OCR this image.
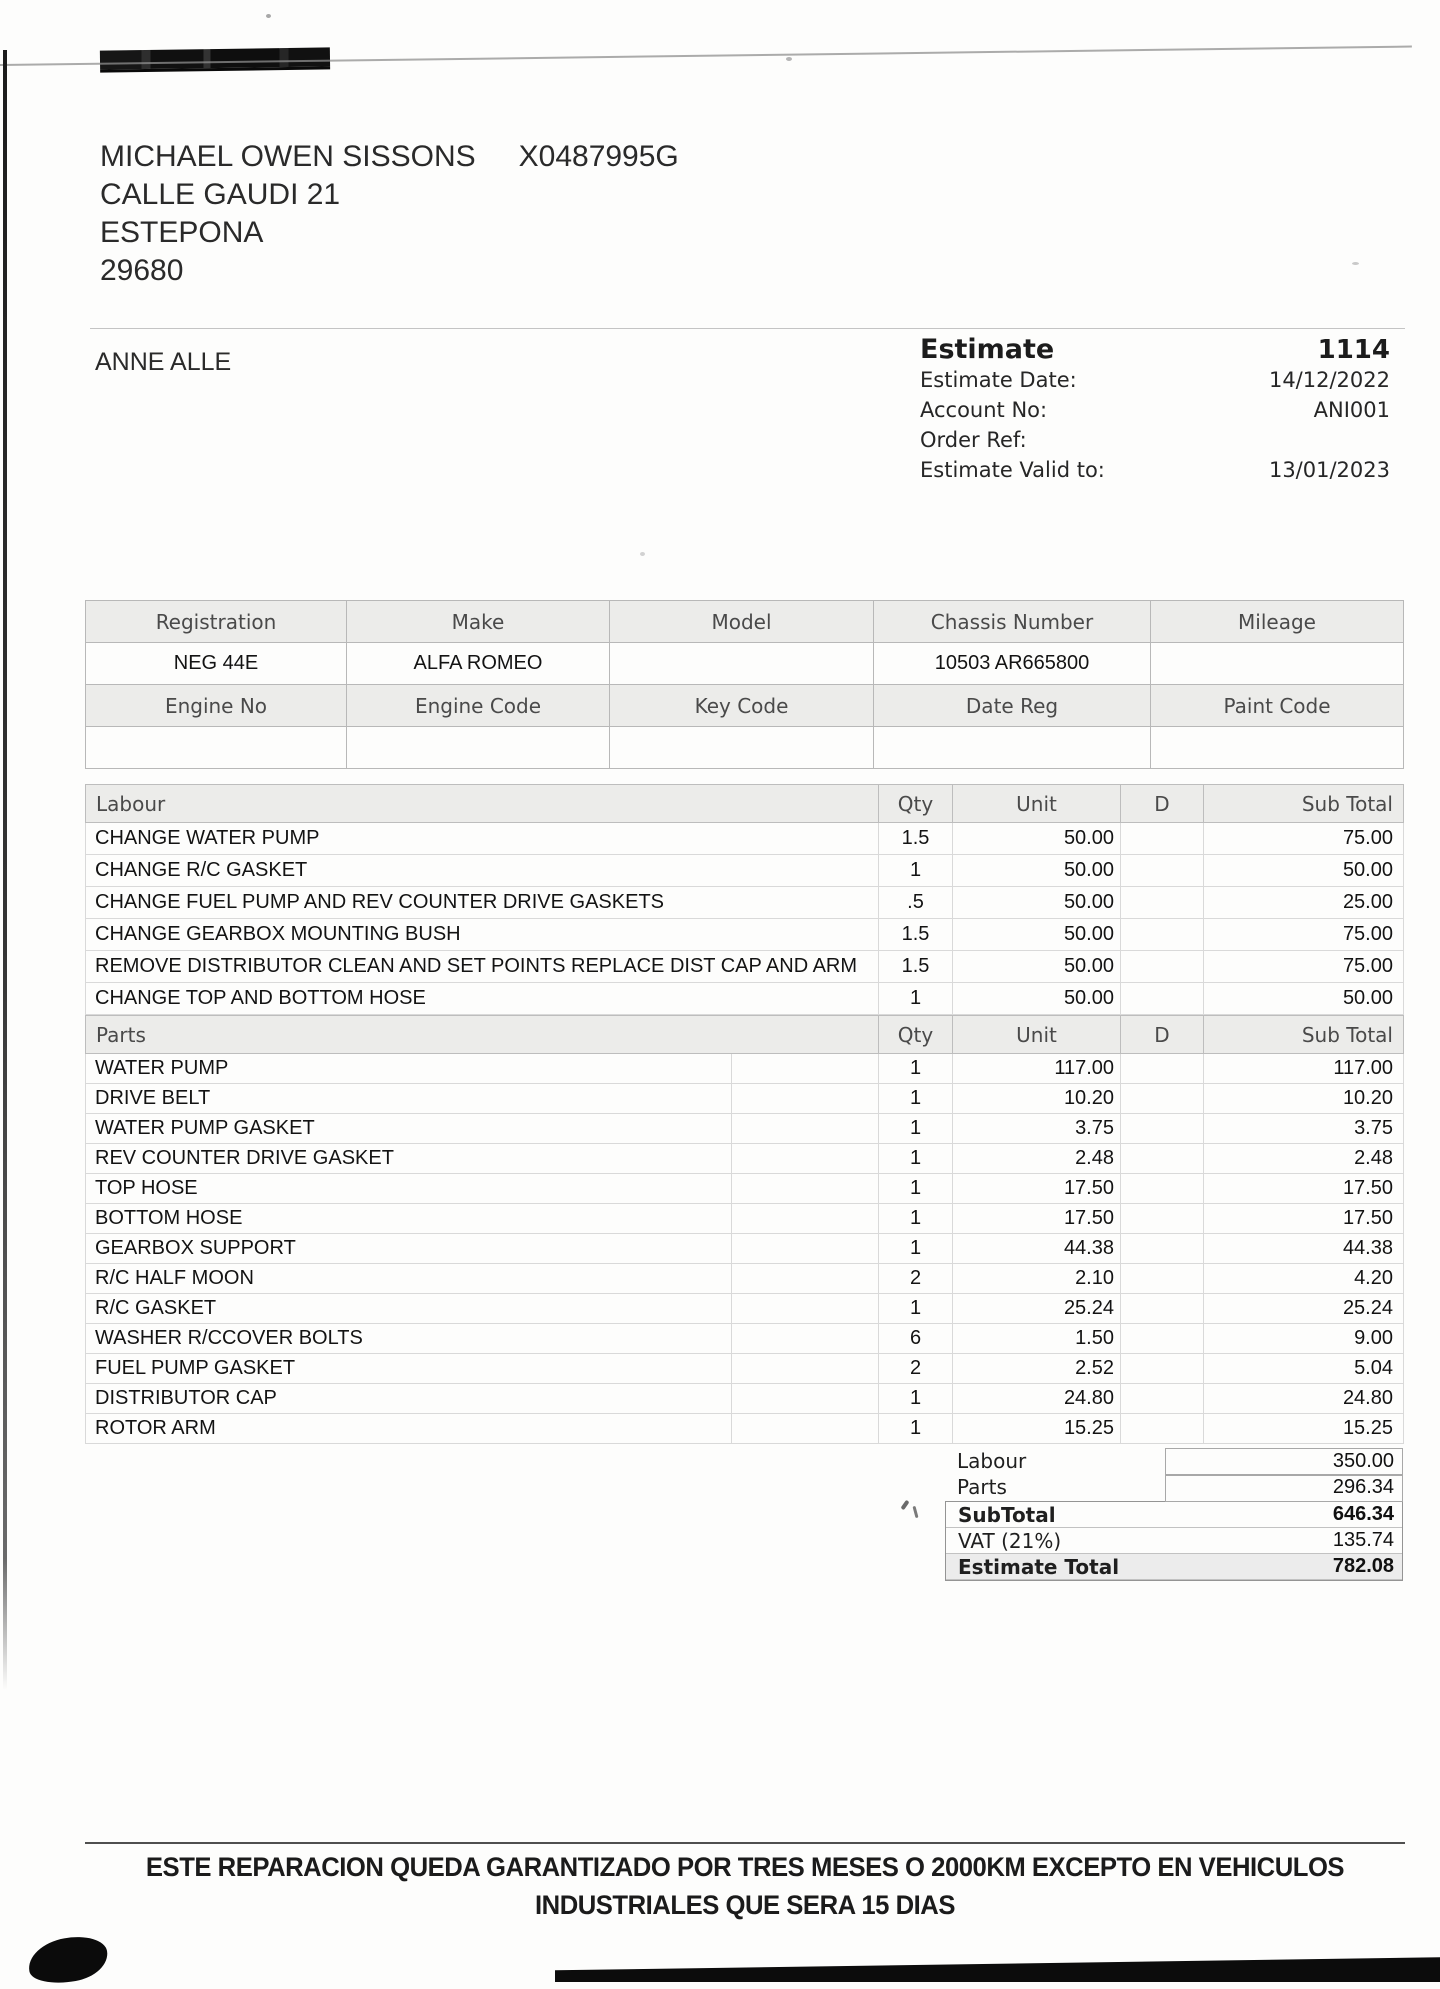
MICHAEL OWEN SISSONS X0487995G
CALLE GAUDI 21
ESTEPONA
29680
ANNE ALLE	Estimate	1114
Estimate Date:	14/12/2022
Account No:	ANI001
Order Ref:
Estimate Valid to:	13/01/2023
Registration	Make	Model	Chassis Number	Mileage
NEG 44E	ALFA ROMEO		10503 AR665800	
Engine No	Engine Code	Key Code	Date Reg	Paint Code

Labour	Qty	Unit	D	Sub Total
CHANGE WATER PUMP	1.5	50.00		75.00
CHANGE R/C GASKET	1	50.00		50.00
CHANGE FUEL PUMP AND REV COUNTER DRIVE GASKETS	.5	50.00		25.00
CHANGE GEARBOX MOUNTING BUSH	1.5	50.00		75.00
REMOVE DISTRIBUTOR CLEAN AND SET POINTS REPLACE DIST CAP AND ARM	1.5	50.00		75.00
CHANGE TOP AND BOTTOM HOSE	1	50.00		50.00
Parts		Qty	Unit	D	Sub Total
WATER PUMP		1	117.00		117.00
DRIVE BELT		1	10.20		10.20
WATER PUMP GASKET		1	3.75		3.75
REV COUNTER DRIVE GASKET		1	2.48		2.48
TOP HOSE		1	17.50		17.50
BOTTOM HOSE		1	17.50		17.50
GEARBOX SUPPORT		1	44.38		44.38
R/C HALF MOON		2	2.10		4.20
R/C GASKET		1	25.24		25.24
WASHER R/CCOVER BOLTS		6	1.50		9.00
FUEL PUMP GASKET		2	2.52		5.04
DISTRIBUTOR CAP		1	24.80		24.80
ROTOR ARM		1	15.25		15.25
Labour	350.00
Parts	296.34
SubTotal	646.34
VAT (21%)	135.74
Estimate Total	782.08
ESTE REPARACION QUEDA GARANTIZADO POR TRES MESES O 2000KM EXCEPTO EN VEHICULOS
INDUSTRIALES QUE SERA 15 DIAS
